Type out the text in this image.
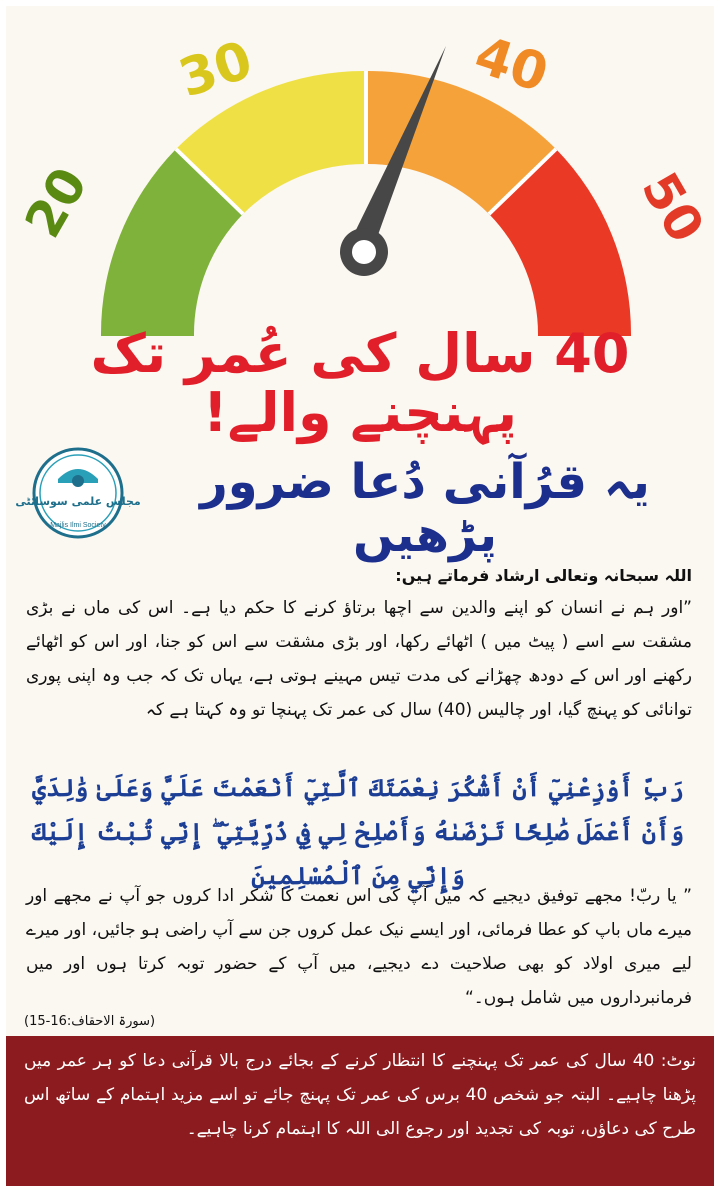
20
30	40
50
40 سال کی عُمر تک پہنچنے والے!
مجلس علمی سوسائٹی
Majlis Ilmi Society
یہ قرُآنی دُعا ضرور پڑھیں
اللہ سبحانہ وتعالی ارشاد فرماتے ہیں:
”اور ہم نے انسان کو اپنے والدین سے اچھا برتاؤ کرنے کا حکم دیا ہے۔ اس کی ماں نے بڑی مشقت سے اسے ( پیٹ میں ) اٹھائے رکھا، اور بڑی مشقت سے اس کو جنا، اور اس کو اٹھائے رکھنے اور اس کے دودھ چھڑانے کی مدت تیس مہینے ہوتی ہے، یہاں تک کہ جب وہ اپنی پوری توانائی کو پہنچ گیا، اور چالیس (40) سال کی عمر تک پہنچا تو وہ کہتا ہے کہ
رَبِّ أَوْزِعْنِيٓ أَنْ أَشْكُرَ نِعْمَتَكَ ٱلَّتِيٓ أَنْعَمْتَ عَلَيَّ وَعَلَىٰ وَٰلِدَيَّ وَأَنْ أَعْمَلَ صَٰلِحًا تَرْضَىٰهُ وَأَصْلِحْ لِي فِي ذُرِّيَّتِيٓ ۖ إِنِّي تُبْتُ إِلَيْكَ وَإِنِّي مِنَ ٱلْمُسْلِمِينَ
” یا ربّ! مجھے توفیق دیجیے کہ میں آپ کی اس نعمت کا شکر ادا کروں جو آپ نے مجھے اور میرے ماں باپ کو عطا فرمائی، اور ایسے نیک عمل کروں جن سے آپ راضی ہو جائیں، اور میرے لیے میری اولاد کو بھی صلاحیت دے دیجیے، میں آپ کے حضور توبہ کرتا ہوں اور میں فرمانبرداروں میں شامل ہوں۔“
(سورۃ الاحقاف:16-15)
نوٹ: 40 سال کی عمر تک پہنچنے کا انتظار کرنے کے بجائے درج بالا قرآنی دعا کو ہر عمر میں پڑھنا چاہیے۔ البتہ جو شخص 40 برس کی عمر تک پہنچ جائے تو اسے مزید اہتمام کے ساتھ اس طرح کی دعاؤں، توبہ کی تجدید اور رجوع الی اللہ کا اہتمام کرنا چاہیے۔
